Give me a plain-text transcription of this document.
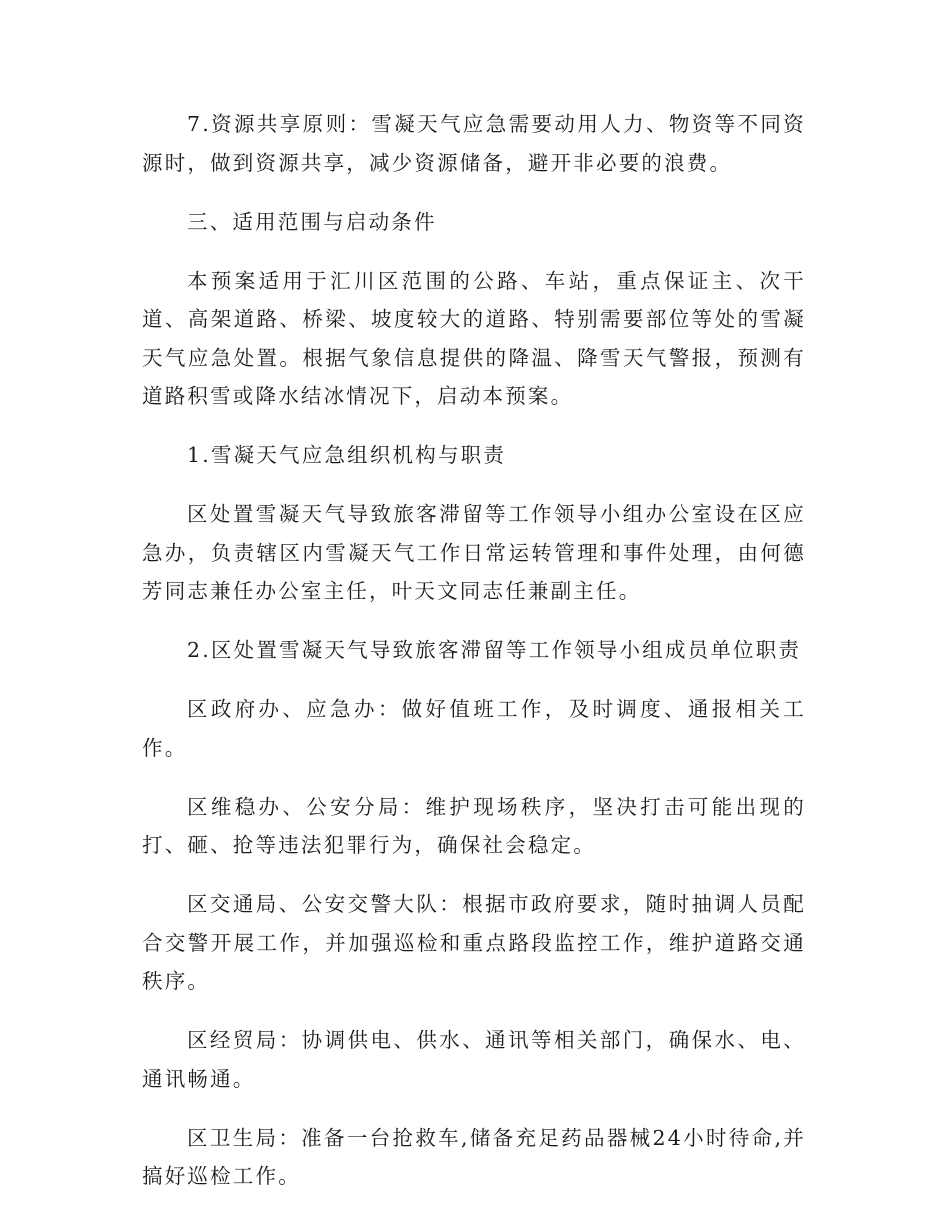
7.资源共享原则：雪凝天气应急需要动用人力、物资等不同资源时，做到资源共享，减少资源储备，避开非必要的浪费。

三、适用范围与启动条件

本预案适用于汇川区范围的公路、车站，重点保证主、次干道、高架道路、桥梁、坡度较大的道路、特别需要部位等处的雪凝天气应急处置。根据气象信息提供的降温、降雪天气警报，预测有道路积雪或降水结冰情况下，启动本预案。

1.雪凝天气应急组织机构与职责

区处置雪凝天气导致旅客滞留等工作领导小组办公室设在区应急办，负责辖区内雪凝天气工作日常运转管理和事件处理，由何德芳同志兼任办公室主任，叶天文同志任兼副主任。

2.区处置雪凝天气导致旅客滞留等工作领导小组成员单位职责

区政府办、应急办：做好值班工作，及时调度、通报相关工作。

区维稳办、公安分局：维护现场秩序，坚决打击可能出现的打、砸、抢等违法犯罪行为，确保社会稳定。

区交通局、公安交警大队：根据市政府要求，随时抽调人员配合交警开展工作，并加强巡检和重点路段监控工作，维护道路交通秩序。

区经贸局：协调供电、供水、通讯等相关部门，确保水、电、通讯畅通。

区卫生局：准备一台抢救车,储备充足药品器械24小时待命,并搞好巡检工作。
